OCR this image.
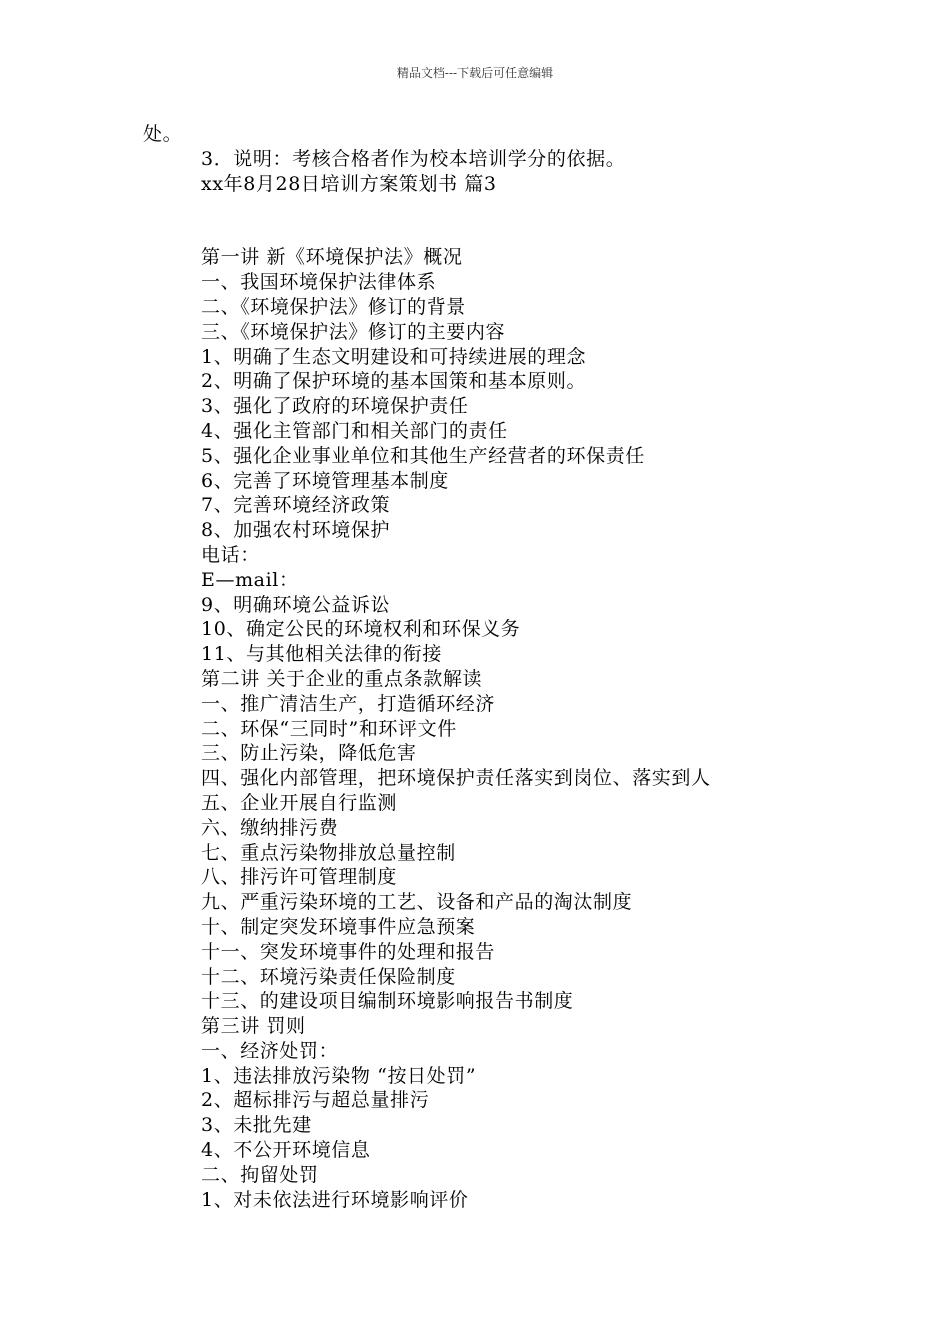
精品文档---下载后可任意编辑
处。
3．说明：考核合格者作为校本培训学分的依据。
xx年8月28日培训方案策划书 篇3
第一讲 新《环境保护法》概况
一、我国环境保护法律体系
二、《环境保护法》修订的背景
三、《环境保护法》修订的主要内容
1、明确了生态文明建设和可持续进展的理念
2、明确了保护环境的基本国策和基本原则。
3、强化了政府的环境保护责任
4、强化主管部门和相关部门的责任
5、强化企业事业单位和其他生产经营者的环保责任
6、完善了环境管理基本制度
7、完善环境经济政策
8、加强农村环境保护
电话：
E—mail：
9、明确环境公益诉讼
10、确定公民的环境权利和环保义务
11、与其他相关法律的衔接
第二讲 关于企业的重点条款解读
一、推广清洁生产，打造循环经济
二、环保“三同时”和环评文件
三、防止污染，降低危害
四、强化内部管理，把环境保护责任落实到岗位、落实到人
五、企业开展自行监测
六、缴纳排污费
七、重点污染物排放总量控制
八、排污许可管理制度
九、严重污染环境的工艺、设备和产品的淘汰制度
十、制定突发环境事件应急预案
十一、突发环境事件的处理和报告
十二、环境污染责任保险制度
十三、的建设项目编制环境影响报告书制度
第三讲 罚则
一、经济处罚：
1、违法排放污染物 “按日处罚”
2、超标排污与超总量排污
3、未批先建
4、不公开环境信息
二、拘留处罚
1、对未依法进行环境影响评价
